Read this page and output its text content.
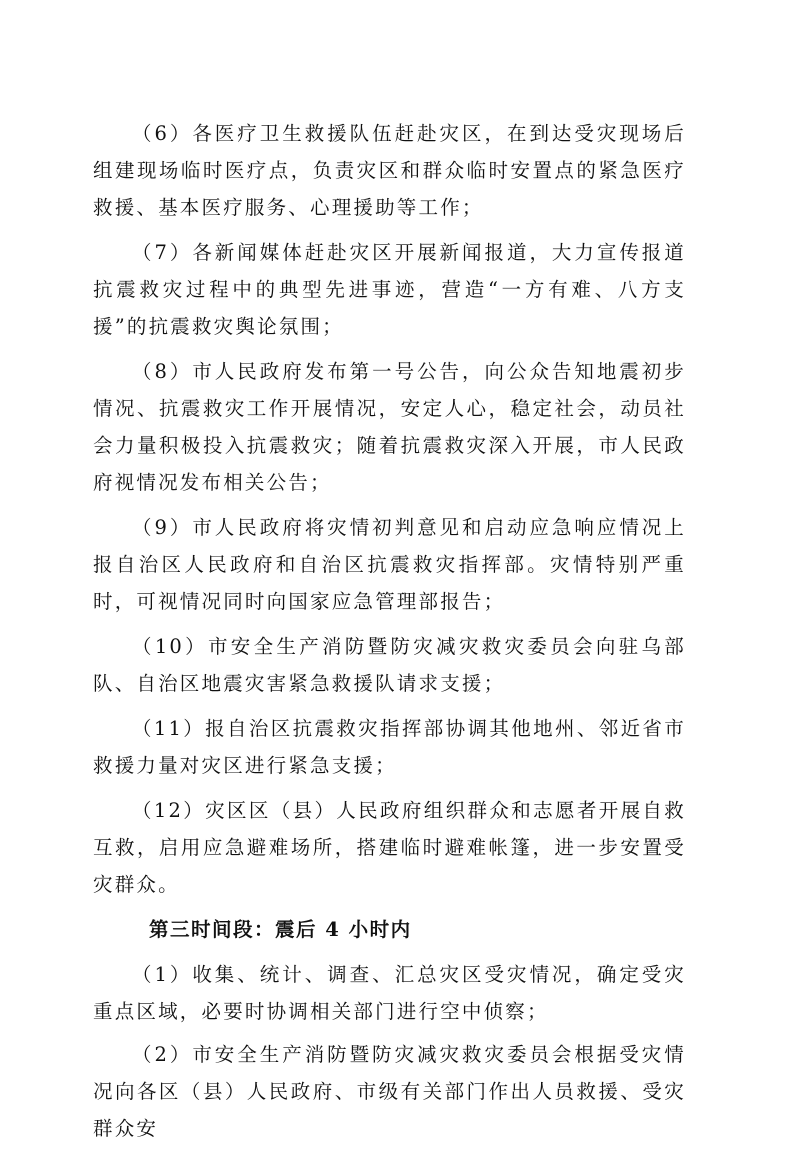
（6）各医疗卫生救援队伍赶赴灾区，在到达受灾现场后组建现场临时医疗点，负责灾区和群众临时安置点的紧急医疗救援、基本医疗服务、心理援助等工作；

（7）各新闻媒体赶赴灾区开展新闻报道，大力宣传报道抗震救灾过程中的典型先进事迹，营造“一方有难、八方支援”的抗震救灾舆论氛围；

（8）市人民政府发布第一号公告，向公众告知地震初步情况、抗震救灾工作开展情况，安定人心，稳定社会，动员社会力量积极投入抗震救灾；随着抗震救灾深入开展，市人民政府视情况发布相关公告；

（9）市人民政府将灾情初判意见和启动应急响应情况上报自治区人民政府和自治区抗震救灾指挥部。灾情特别严重时，可视情况同时向国家应急管理部报告；

（10）市安全生产消防暨防灾减灾救灾委员会向驻乌部队、自治区地震灾害紧急救援队请求支援；

（11）报自治区抗震救灾指挥部协调其他地州、邻近省市救援力量对灾区进行紧急支援；

（12）灾区区（县）人民政府组织群众和志愿者开展自救互救，启用应急避难场所，搭建临时避难帐篷，进一步安置受灾群众。

第三时间段：震后 4 小时内

（1）收集、统计、调查、汇总灾区受灾情况，确定受灾重点区域，必要时协调相关部门进行空中侦察；

（2）市安全生产消防暨防灾减灾救灾委员会根据受灾情况向各区（县）人民政府、市级有关部门作出人员救援、受灾群众安
